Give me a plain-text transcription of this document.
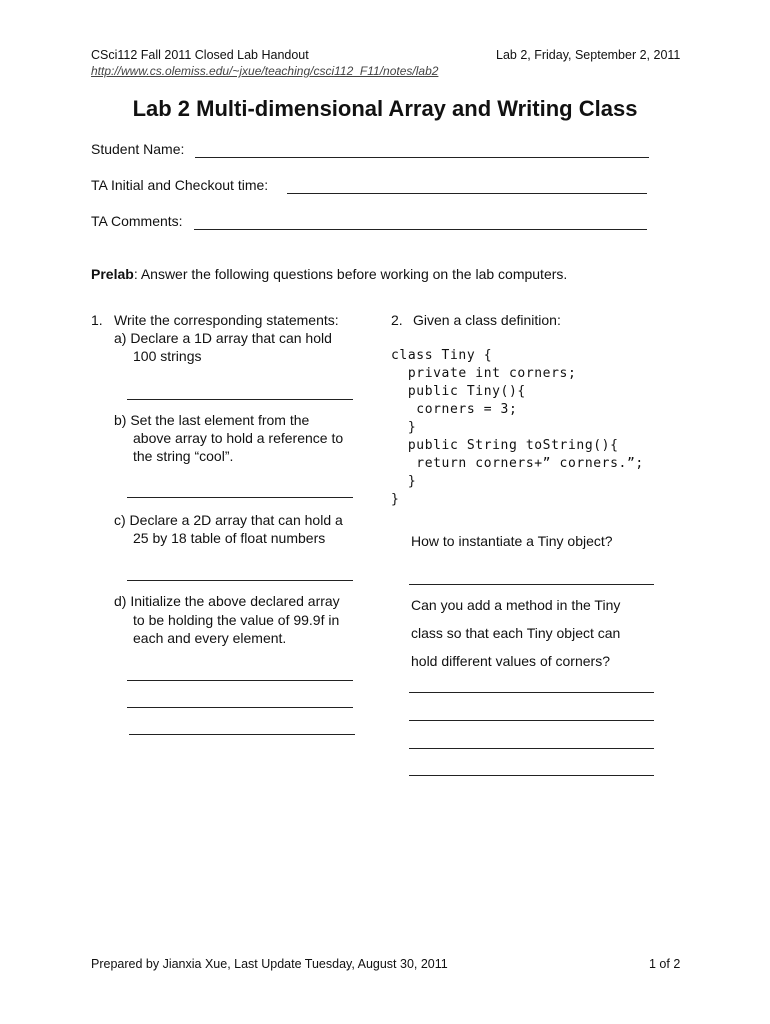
CSci112 Fall 2011 Closed Lab Handout	Lab 2, Friday, September 2, 2011
http://www.cs.olemiss.edu/~jxue/teaching/csci112_F11/notes/lab2
Lab 2 Multi-dimensional Array and Writing Class
Student Name:
TA Initial and Checkout time:
TA Comments:
Prelab: Answer the following questions before working on the lab computers.
1. Write the corresponding statements:
a) Declare a 1D array that can hold
100 strings
b) Set the last element from the
above array to hold a reference to
the string “cool”.
c) Declare a 2D array that can hold a
25 by 18 table of float numbers
d) Initialize the above declared array
to be holding the value of 99.9f in
each and every element.
2. Given a class definition:
class Tiny {
private int corners;
public Tiny(){
corners = 3;
}
public String toString(){
return corners+” corners.”;
}
}
How to instantiate a Tiny object?
Can you add a method in the Tiny
class so that each Tiny object can
hold different values of corners?
Prepared by Jianxia Xue, Last Update Tuesday, August 30, 2011	1 of 2
